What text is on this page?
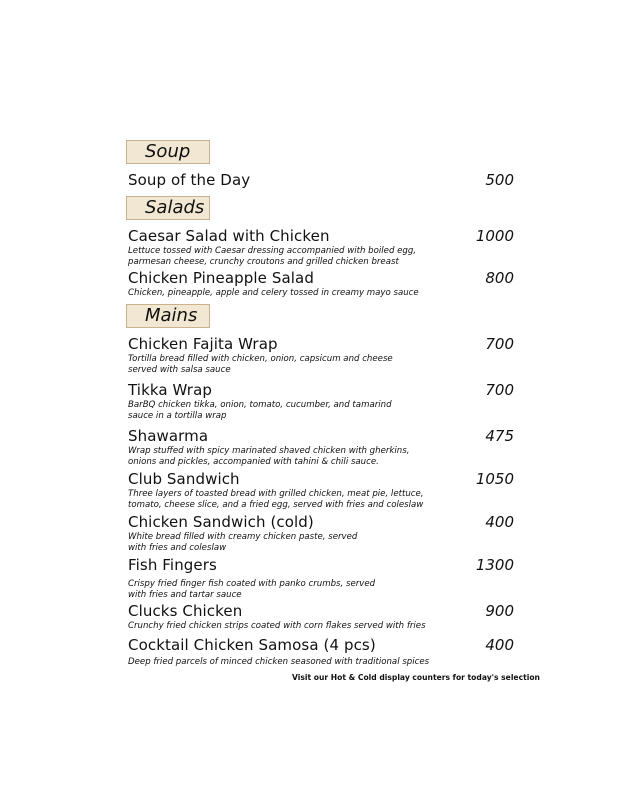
Soup
Soup of the Day	500
Salads
Caesar Salad with Chicken
Lettuce tossed with Caesar dressing accompanied with boiled egg,
parmesan cheese, crunchy croutons and grilled chicken breast
1000
Chicken Pineapple Salad
Chicken, pineapple, apple and celery tossed in creamy mayo sauce
800
Mains
Chicken Fajita Wrap
Tortilla bread filled with chicken, onion, capsicum and cheese
served with salsa sauce
700
Tikka Wrap
BarBQ chicken tikka, onion, tomato, cucumber, and tamarind
sauce in a tortilla wrap
700
Shawarma
Wrap stuffed with spicy marinated shaved chicken with gherkins,
onions and pickles, accompanied with tahini & chili sauce.
475
Club Sandwich
Three layers of toasted bread with grilled chicken, meat pie, lettuce,
tomato, cheese slice, and a fried egg, served with fries and coleslaw
1050
Chicken Sandwich (cold)
White bread filled with creamy chicken paste, served
with fries and coleslaw
400
Fish Fingers
Crispy fried finger fish coated with panko crumbs, served
with fries and tartar sauce
1300
Clucks Chicken
Crunchy fried chicken strips coated with corn flakes served with fries
900
Cocktail Chicken Samosa (4 pcs)
Deep fried parcels of minced chicken seasoned with traditional spices
400
Visit our Hot & Cold display counters for today's selection
